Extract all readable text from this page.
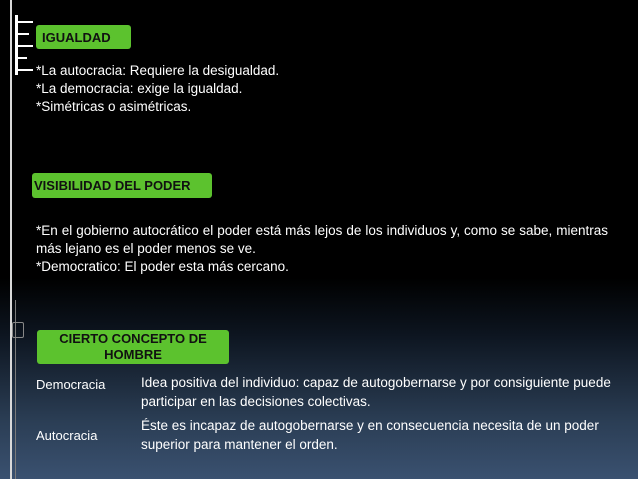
IGUALDAD
*La autocracia: Requiere la desigualdad.
*La democracia: exige la igualdad.
*Simétricas o asimétricas.
VISIBILIDAD DEL PODER
*En el gobierno autocrático el poder está más lejos de los individuos y, como se sabe, mientras más lejano es el poder menos se ve.
*Democratico: El poder esta más cercano.
CIERTO CONCEPTO DE
HOMBRE
Democracia	Idea positiva del individuo: capaz de autogobernarse y por consiguiente puede participar en las decisiones colectivas.
Autocracia
Éste es incapaz de autogobernarse y en consecuencia necesita de un poder superior para mantener el orden.
